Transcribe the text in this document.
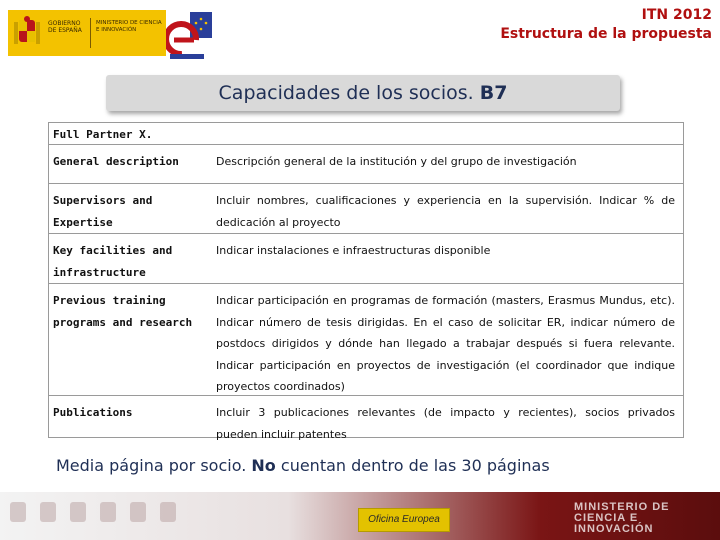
GOBIERNO DE ESPAÑA
MINISTERIO DE CIENCIA E INNOVACIÓN
ITN 2012
Estructura de la propuesta
Capacidades de los socios. B7
Full Partner X.
General description	Descripción general de la institución y del grupo de investigación
Supervisors and Expertise
Incluir nombres, cualificaciones y experiencia en la supervisión. Indicar % de dedicación al proyecto
Key facilities and infrastructure
Indicar instalaciones e infraestructuras disponible
Previous training programs and research
Indicar participación en programas de formación (masters, Erasmus Mundus, etc). Indicar número de tesis dirigidas. En el caso de solicitar ER, indicar número de postdocs dirigidos y dónde han llegado a trabajar después si fuera relevante. Indicar participación en proyectos de investigación (el coordinador que indique proyectos coordinados)
Publications	Incluir 3 publicaciones relevantes (de impacto y recientes), socios privados pueden incluir patentes
Media página por socio. No cuentan dentro de las 30 páginas
Oficina Europea
MINISTERIO DE CIENCIA E INNOVACIÓN
